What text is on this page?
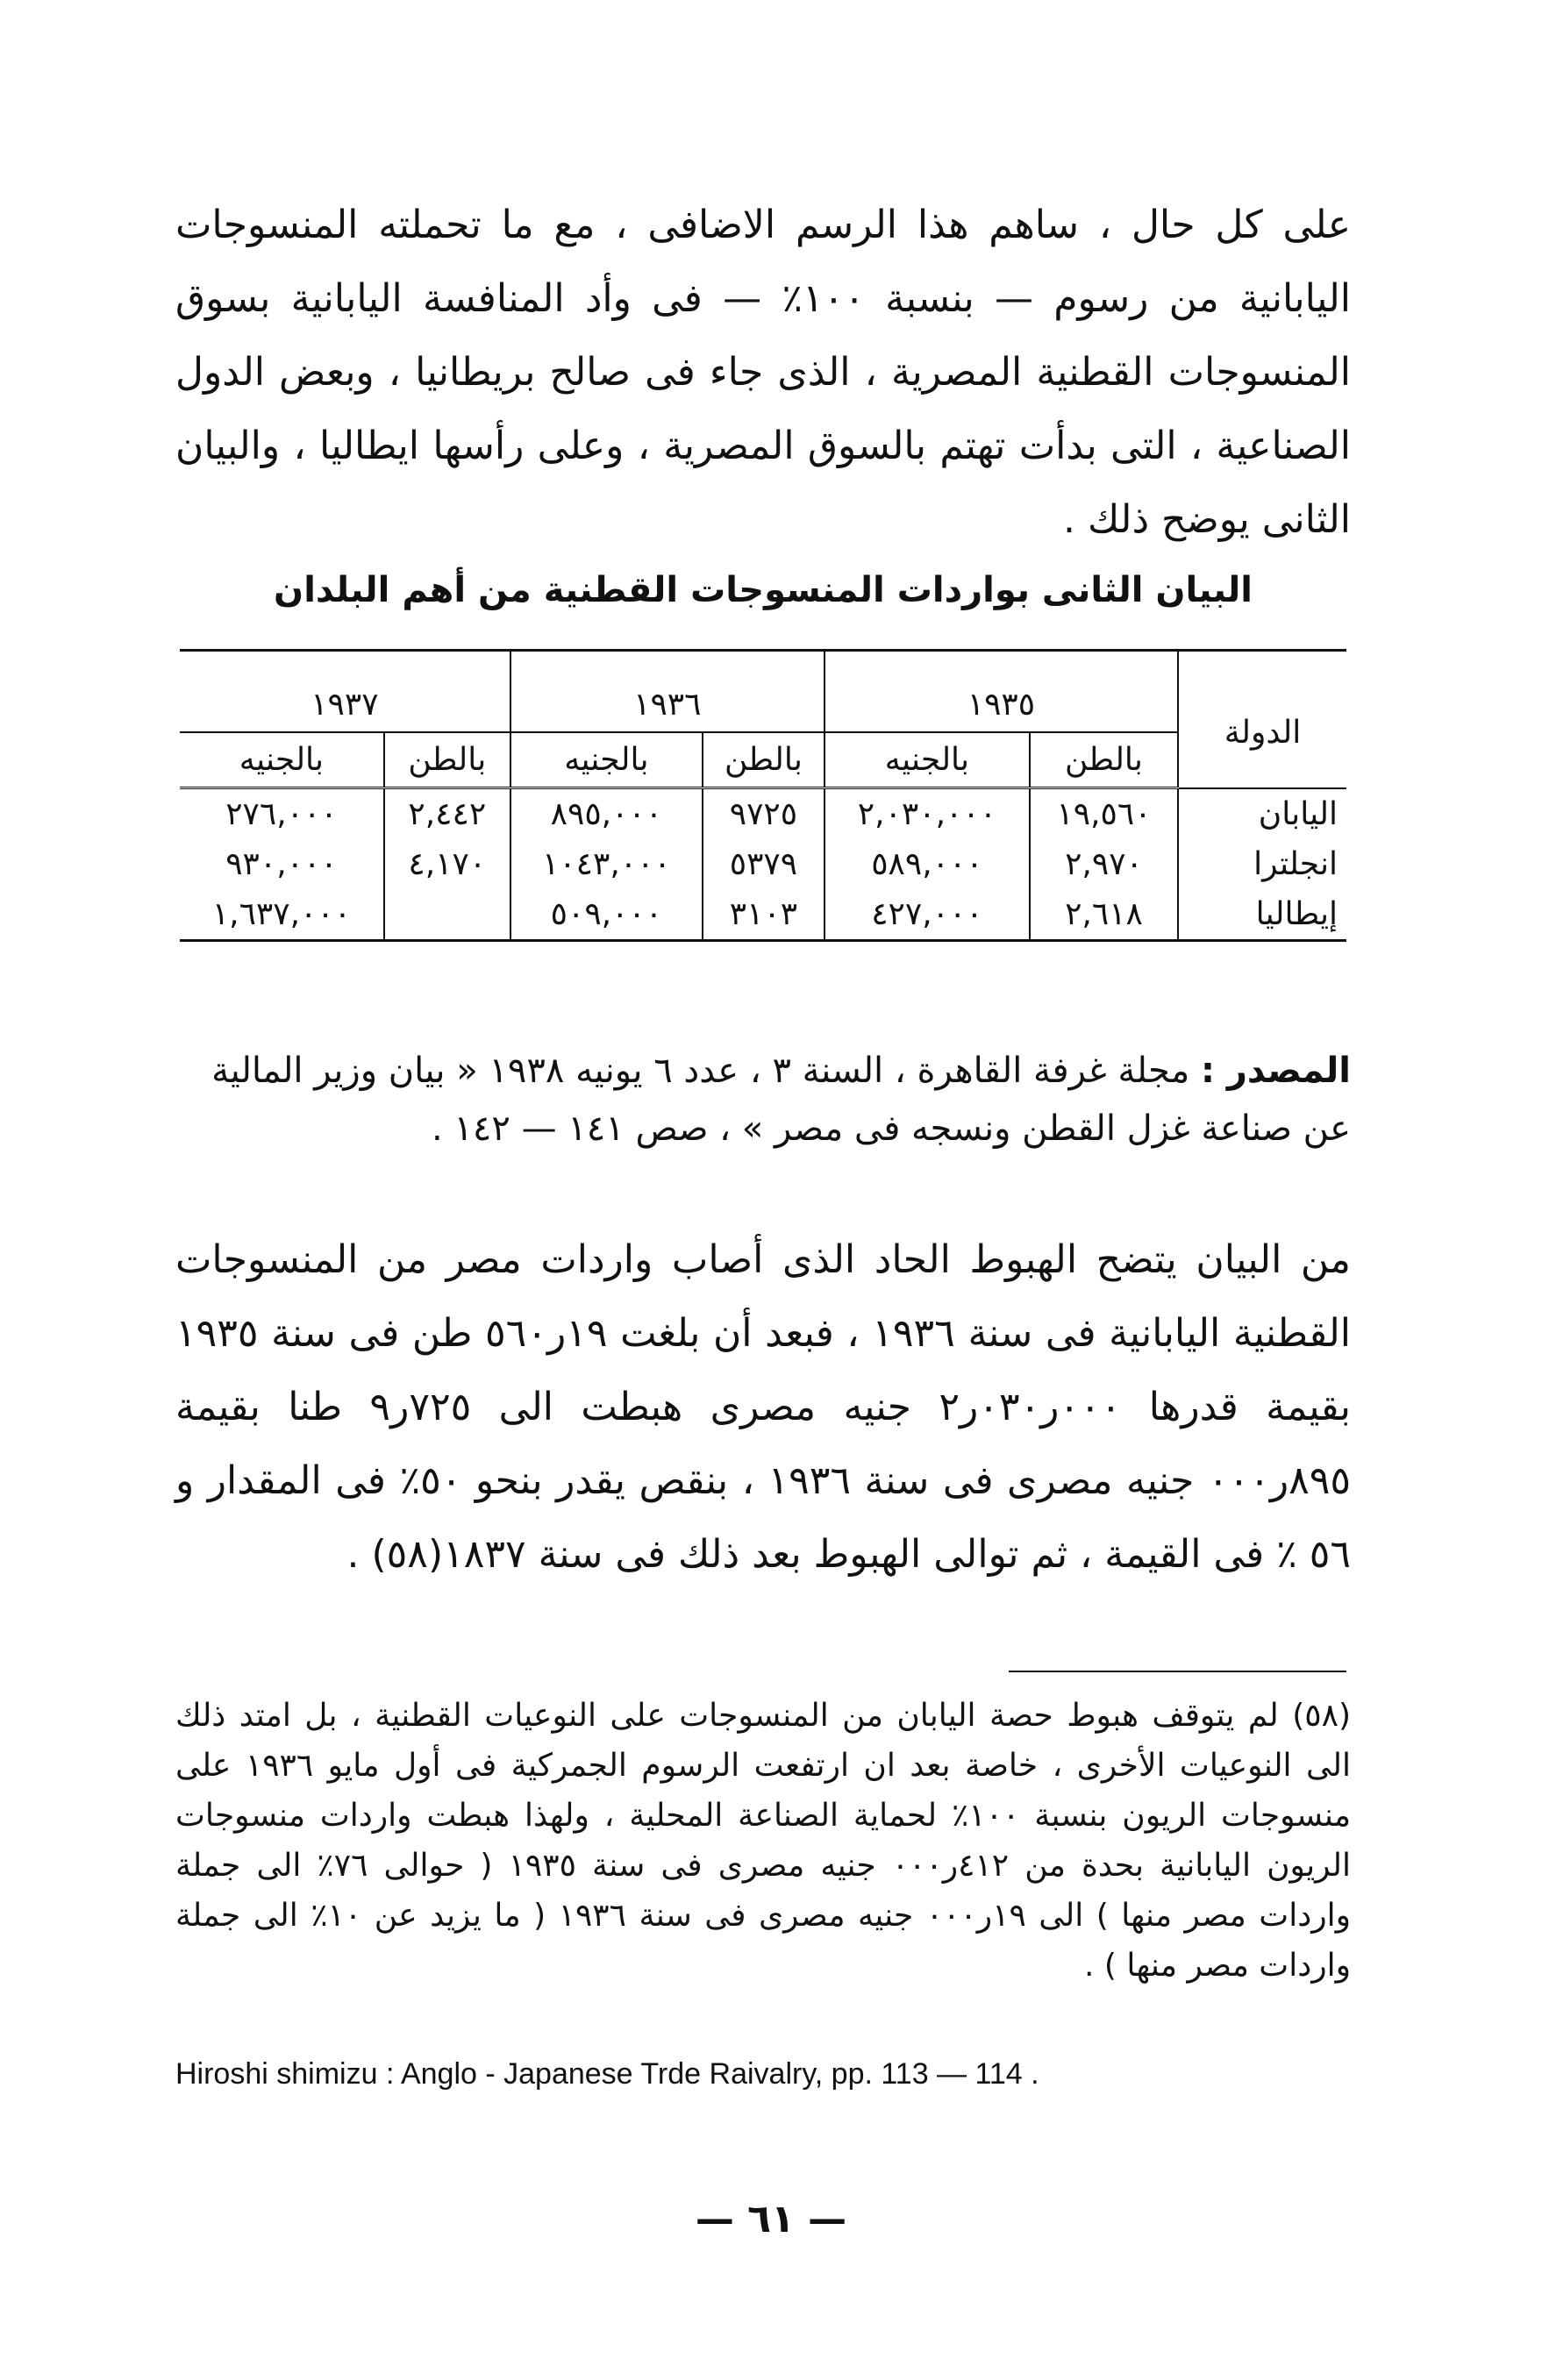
على كل حال ، ساهم هذا الرسم الاضافى ، مع ما تحملته المنسوجات اليابانية من رسوم — بنسبة ١٠٠٪ — فى وأد المنافسة اليابانية بسوق المنسوجات القطنية المصرية ، الذى جاء فى صالح بريطانيا ، وبعض الدول الصناعية ، التى بدأت تهتم بالسوق المصرية ، وعلى رأسها ايطاليا ، والبيان الثانى يوضح ذلك .

البيان الثانى بواردات المنسوجات القطنية من أهم البلدان
الدولة	١٩٣٥		١٩٣٦		١٩٣٧	
	بالطن	بالجنيه	بالطن	بالجنيه	بالطن	بالجنيه
اليابان	١٩,٥٦٠	٢,٠٣٠,٠٠٠	٩٧٢٥	٨٩٥,٠٠٠	٢,٤٤٢	٢٧٦,٠٠٠
انجلترا	٢,٩٧٠	٥٨٩,٠٠٠	٥٣٧٩	١٠٤٣,٠٠٠	٤,١٧٠	٩٣٠,٠٠٠
إيطاليا	٢,٦١٨	٤٢٧,٠٠٠	٣١٠٣	٥٠٩,٠٠٠		١,٦٣٧,٠٠٠

المصدر : مجلة غرفة القاهرة ، السنة ٣ ، عدد ٦ يونيه ١٩٣٨ « بيان وزير المالية عن صناعة غزل القطن ونسجه فى مصر » ، صص ١٤١ — ١٤٢ .

من البيان يتضح الهبوط الحاد الذى أصاب واردات مصر من المنسوجات القطنية اليابانية فى سنة ١٩٣٦ ، فبعد أن بلغت ١٩ر٥٦٠ طن فى سنة ١٩٣٥ بقيمة قدرها ٠٠٠ر٠٣٠ر٢ جنيه مصرى هبطت الى ٧٢٥ر٩ طنا بقيمة ٨٩٥ر٠٠٠ جنيه مصرى فى سنة ١٩٣٦ ، بنقص يقدر بنحو ٥٠٪ فى المقدار و ٥٦ ٪ فى القيمة ، ثم توالى الهبوط بعد ذلك فى سنة ١٨٣٧(٥٨) .

(٥٨) لم يتوقف هبوط حصة اليابان من المنسوجات على النوعيات القطنية ، بل امتد ذلك الى النوعيات الأخرى ، خاصة بعد ان ارتفعت الرسوم الجمركية فى أول مايو ١٩٣٦ على منسوجات الريون بنسبة ١٠٠٪ لحماية الصناعة المحلية ، ولهذا هبطت واردات منسوجات الريون اليابانية بحدة من ٤١٢ر٠٠٠ جنيه مصرى فى سنة ١٩٣٥ ( حوالى ٧٦٪ الى جملة واردات مصر منها ) الى ١٩ر٠٠٠ جنيه مصرى فى سنة ١٩٣٦ ( ما يزيد عن ١٠٪ الى جملة واردات مصر منها ) .

Hiroshi shimizu : Anglo - Japanese Trde Raivalry, pp. 113 — 114 .

— ٦١ —
